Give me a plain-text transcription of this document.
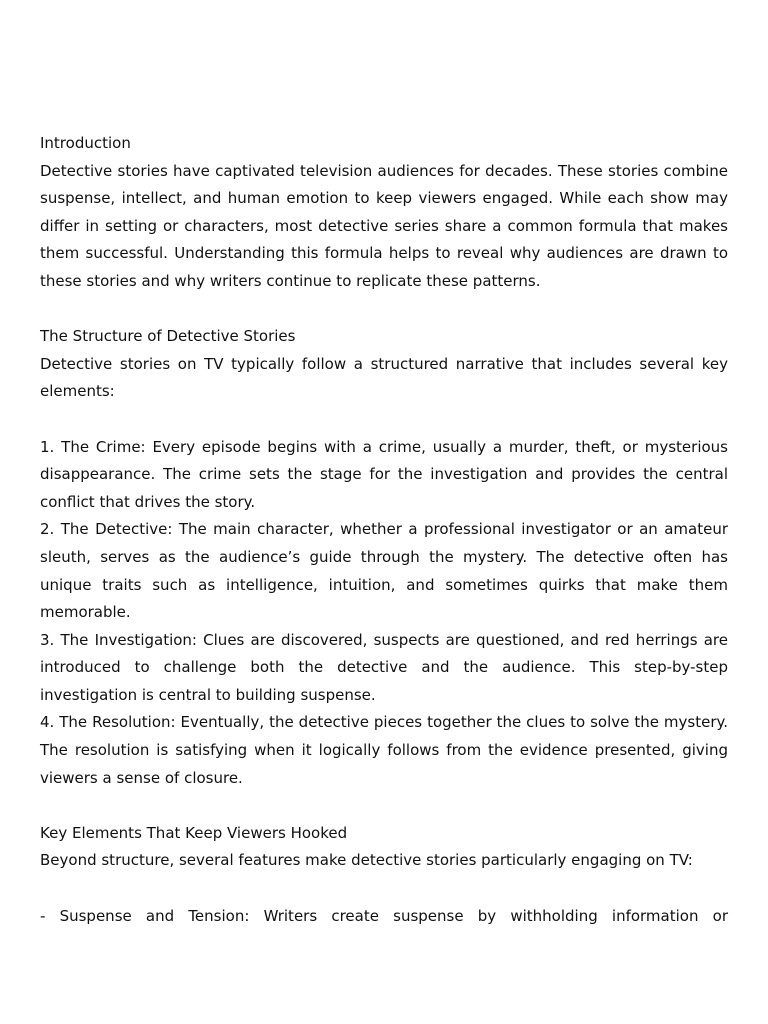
Introduction

Detective stories have captivated television audiences for decades. These stories combine suspense, intellect, and human emotion to keep viewers engaged. While each show may differ in setting or characters, most detective series share a common formula that makes them successful. Understanding this formula helps to reveal why audiences are drawn to these stories and why writers continue to replicate these patterns.

The Structure of Detective Stories

Detective stories on TV typically follow a structured narrative that includes several key elements:

1. The Crime: Every episode begins with a crime, usually a murder, theft, or mysterious disappearance. The crime sets the stage for the investigation and provides the central conflict that drives the story.
2. The Detective: The main character, whether a professional investigator or an amateur sleuth, serves as the audience’s guide through the mystery. The detective often has unique traits such as intelligence, intuition, and sometimes quirks that make them memorable.
3. The Investigation: Clues are discovered, suspects are questioned, and red herrings are introduced to challenge both the detective and the audience. This step-by-step investigation is central to building suspense.
4. The Resolution: Eventually, the detective pieces together the clues to solve the mystery. The resolution is satisfying when it logically follows from the evidence presented, giving viewers a sense of closure.

Key Elements That Keep Viewers Hooked

Beyond structure, several features make detective stories particularly engaging on TV:

- Suspense and Tension: Writers create suspense by withholding information or
